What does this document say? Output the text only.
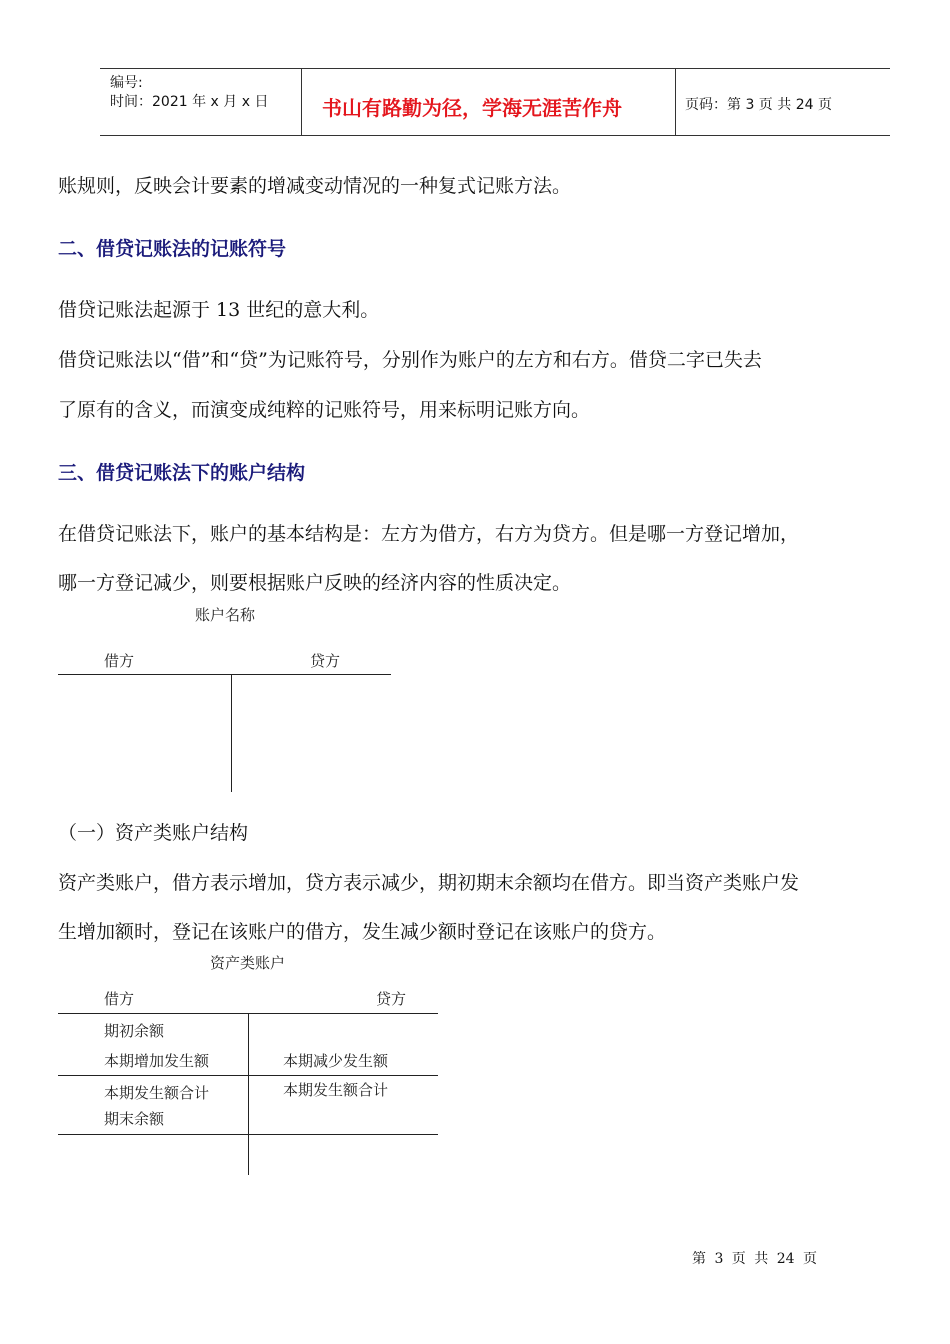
编号:
时间：2021 年 x 月 x 日	书山有路勤为径，学海无涯苦作舟	页码：第 3 页 共 24 页
账规则，反映会计要素的增减变动情况的一种复式记账方法。
二、借贷记账法的记账符号
借贷记账法起源于 13 世纪的意大利。
借贷记账法以“借”和“贷”为记账符号，分别作为账户的左方和右方。借贷二字已失去
了原有的含义，而演变成纯粹的记账符号，用来标明记账方向。
三、借贷记账法下的账户结构
在借贷记账法下，账户的基本结构是：左方为借方，右方为贷方。但是哪一方登记增加，
哪一方登记减少，则要根据账户反映的经济内容的性质决定。
账户名称
借方	贷方
（一）资产类账户结构
资产类账户，借方表示增加，贷方表示减少，期初期末余额均在借方。即当资产类账户发
生增加额时，登记在该账户的借方，发生减少额时登记在该账户的贷方。
资产类账户
借方	贷方
期初余额
本期增加发生额	本期减少发生额
本期发生额合计	本期发生额合计
期末余额
第 3 页 共 24 页
